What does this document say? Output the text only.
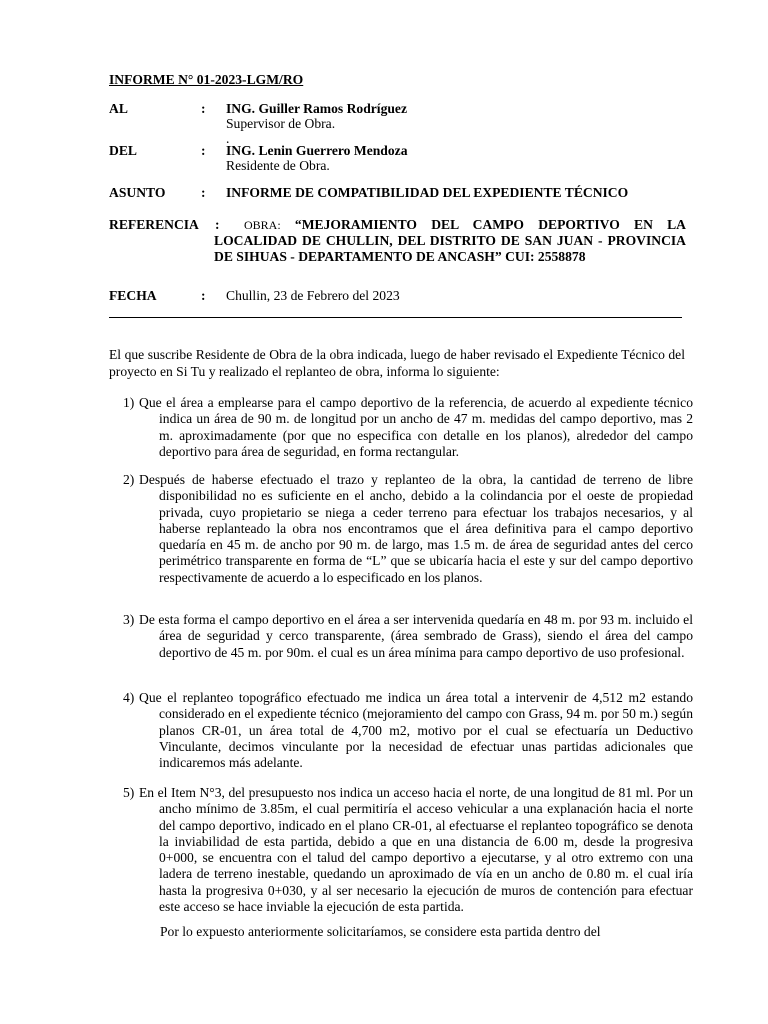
INFORME N° 01-2023-LGM/RO
AL	: ING. Guiller Ramos Rodríguez
Supervisor de Obra.
.
DEL	: ING. Lenin Guerrero Mendoza
Residente de Obra.
ASUNTO	: INFORME DE COMPATIBILIDAD DEL EXPEDIENTE TÉCNICO
REFERENCIA :	OBRA: “MEJORAMIENTO DEL CAMPO DEPORTIVO EN LA LOCALIDAD DE CHULLIN, DEL DISTRITO DE SAN JUAN - PROVINCIA DE SIHUAS - DEPARTAMENTO DE ANCASH” CUI: 2558878
FECHA	: Chullin, 23 de Febrero del 2023
El que suscribe Residente de Obra de la obra indicada, luego de haber revisado el Expediente Técnico del proyecto en Si Tu y realizado el replanteo de obra, informa lo siguiente:
1) Que el área a emplearse para el campo deportivo de la referencia, de acuerdo al expediente técnico indica un área de 90 m. de longitud por un ancho de 47 m. medidas del campo deportivo, mas 2 m. aproximadamente (por que no especifica con detalle en los planos), alrededor del campo deportivo para área de seguridad, en forma rectangular.
2) Después de haberse efectuado el trazo y replanteo de la obra, la cantidad de terreno de libre disponibilidad no es suficiente en el ancho, debido a la colindancia por el oeste de propiedad privada, cuyo propietario se niega a ceder terreno para efectuar los trabajos necesarios, y al haberse replanteado la obra nos encontramos que el área definitiva para el campo deportivo quedaría en 45 m. de ancho por 90 m. de largo, mas 1.5 m. de área de seguridad antes del cerco perimétrico transparente en forma de “L” que se ubicaría hacia el este y sur del campo deportivo respectivamente de acuerdo a lo especificado en los planos.
3) De esta forma el campo deportivo en el área a ser intervenida quedaría en 48 m. por 93 m. incluido el área de seguridad y cerco transparente, (área sembrado de Grass), siendo el área del campo deportivo de 45 m. por 90m. el cual es un área mínima para campo deportivo de uso profesional.
4) Que el replanteo topográfico efectuado me indica un área total a intervenir de 4,512 m2 estando considerado en el expediente técnico (mejoramiento del campo con Grass, 94 m. por 50 m.) según planos CR-01, un área total de 4,700 m2, motivo por el cual se efectuaría un Deductivo Vinculante, decimos vinculante por la necesidad de efectuar unas partidas adicionales que indicaremos más adelante.
5) En el Item N°3, del presupuesto nos indica un acceso hacia el norte, de una longitud de 81 ml. Por un ancho mínimo de 3.85m, el cual permitiría el acceso vehicular a una explanación hacia el norte del campo deportivo, indicado en el plano CR-01, al efectuarse el replanteo topográfico se denota la inviabilidad de esta partida, debido a que en una distancia de 6.00 m, desde la progresiva 0+000, se encuentra con el talud del campo deportivo a ejecutarse, y al otro extremo con una ladera de terreno inestable, quedando un aproximado de vía en un ancho de 0.80 m. el cual iría hasta la progresiva 0+030, y al ser necesario la ejecución de muros de contención para efectuar este acceso se hace inviable la ejecución de esta partida.
Por lo expuesto anteriormente solicitaríamos, se considere esta partida dentro del
